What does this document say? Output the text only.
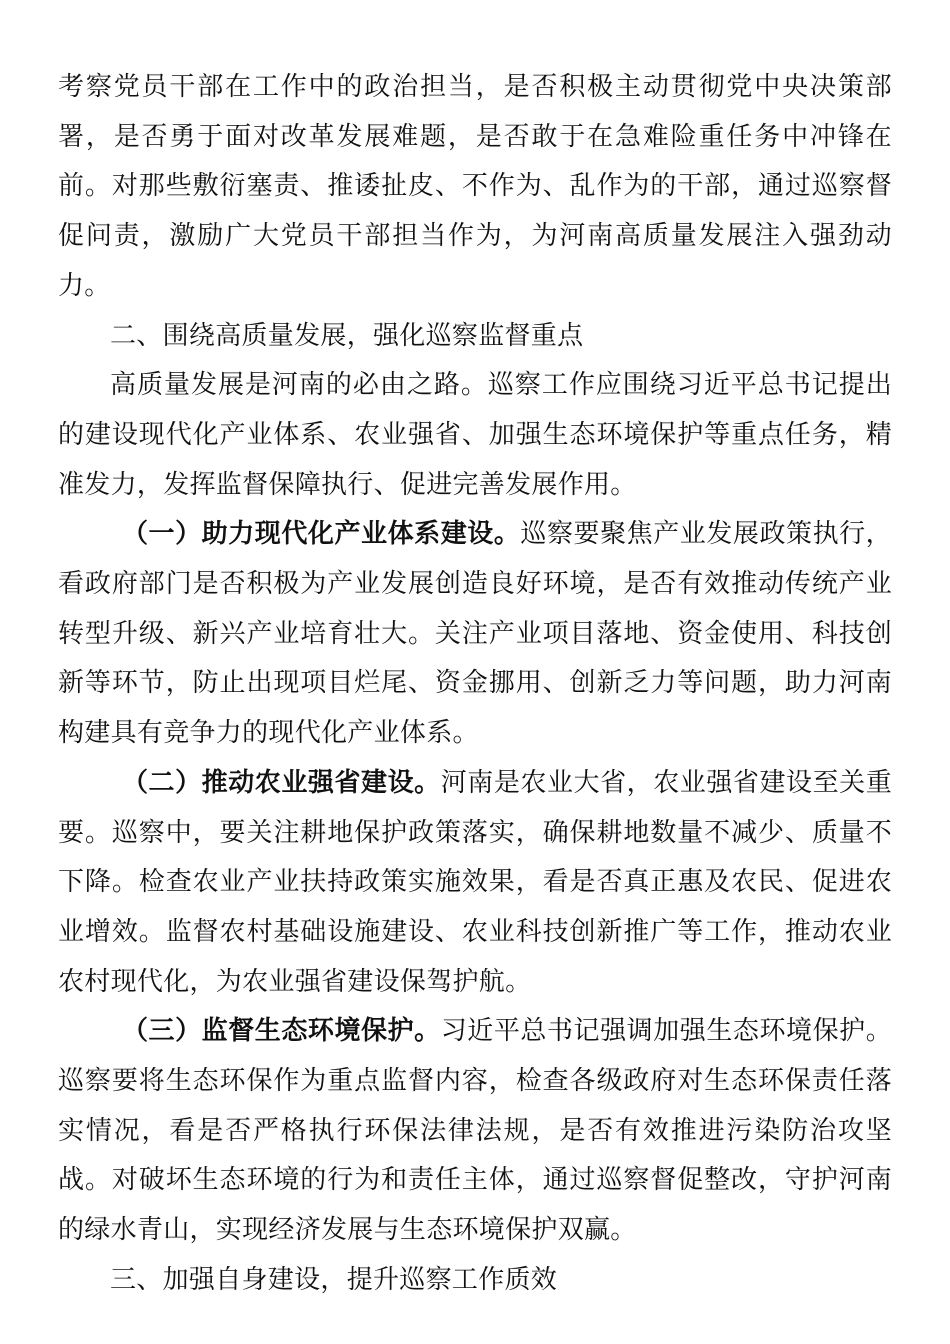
考察党员干部在工作中的政治担当，是否积极主动贯彻党中央决策部署，是否勇于面对改革发展难题，是否敢于在急难险重任务中冲锋在前。对那些敷衍塞责、推诿扯皮、不作为、乱作为的干部，通过巡察督促问责，激励广大党员干部担当作为，为河南高质量发展注入强劲动力。

二、围绕高质量发展，强化巡察监督重点

高质量发展是河南的必由之路。巡察工作应围绕习近平总书记提出的建设现代化产业体系、农业强省、加强生态环境保护等重点任务，精准发力，发挥监督保障执行、促进完善发展作用。

（一）助力现代化产业体系建设。巡察要聚焦产业发展政策执行，看政府部门是否积极为产业发展创造良好环境，是否有效推动传统产业转型升级、新兴产业培育壮大。关注产业项目落地、资金使用、科技创新等环节，防止出现项目烂尾、资金挪用、创新乏力等问题，助力河南构建具有竞争力的现代化产业体系。

（二）推动农业强省建设。河南是农业大省，农业强省建设至关重要。巡察中，要关注耕地保护政策落实，确保耕地数量不减少、质量不下降。检查农业产业扶持政策实施效果，看是否真正惠及农民、促进农业增效。监督农村基础设施建设、农业科技创新推广等工作，推动农业农村现代化，为农业强省建设保驾护航。

（三）监督生态环境保护。习近平总书记强调加强生态环境保护。巡察要将生态环保作为重点监督内容，检查各级政府对生态环保责任落实情况，看是否严格执行环保法律法规，是否有效推进污染防治攻坚战。对破坏生态环境的行为和责任主体，通过巡察督促整改，守护河南的绿水青山，实现经济发展与生态环境保护双赢。

三、加强自身建设，提升巡察工作质效
